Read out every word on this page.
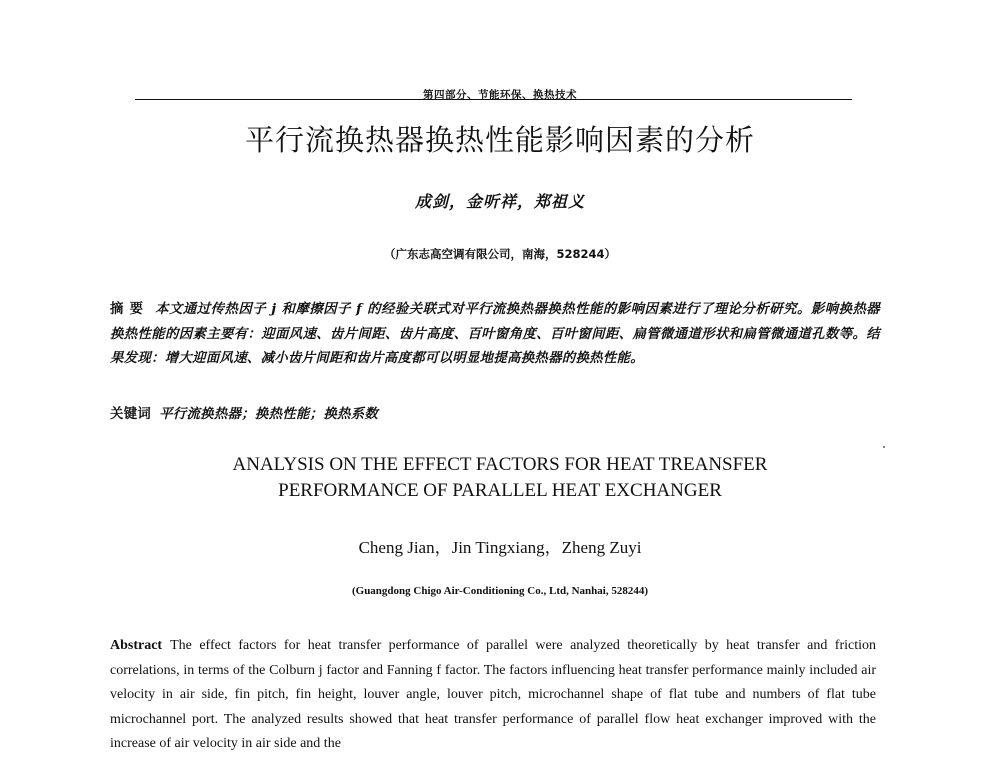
第四部分、节能环保、换热技术
平行流换热器换热性能影响因素的分析
成剑，金听祥，郑祖义
（广东志高空调有限公司，南海，528244）
摘要 本文通过传热因子 j 和摩擦因子 f 的经验关联式对平行流换热器换热性能的影响因素进行了理论分析研究。影响换热器换热性能的因素主要有：迎面风速、齿片间距、齿片高度、百叶窗角度、百叶窗间距、扁管微通道形状和扁管微通道孔数等。结果发现：增大迎面风速、减小齿片间距和齿片高度都可以明显地提高换热器的换热性能。
关键词 平行流换热器；换热性能；换热系数
ANALYSIS ON THE EFFECT FACTORS FOR HEAT TREANSFER
PERFORMANCE OF PARALLEL HEAT EXCHANGER
Cheng Jian，Jin Tingxiang，Zheng Zuyi
(Guangdong Chigo Air-Conditioning Co., Ltd, Nanhai, 528244)
Abstract The effect factors for heat transfer performance of parallel were analyzed theoretically by heat transfer and friction correlations, in terms of the Colburn j factor and Fanning f factor. The factors influencing heat transfer performance mainly included air velocity in air side, fin pitch, fin height, louver angle, louver pitch, microchannel shape of flat tube and numbers of flat tube microchannel port. The analyzed results showed that heat transfer performance of parallel flow heat exchanger improved with the increase of air velocity in air side and the
